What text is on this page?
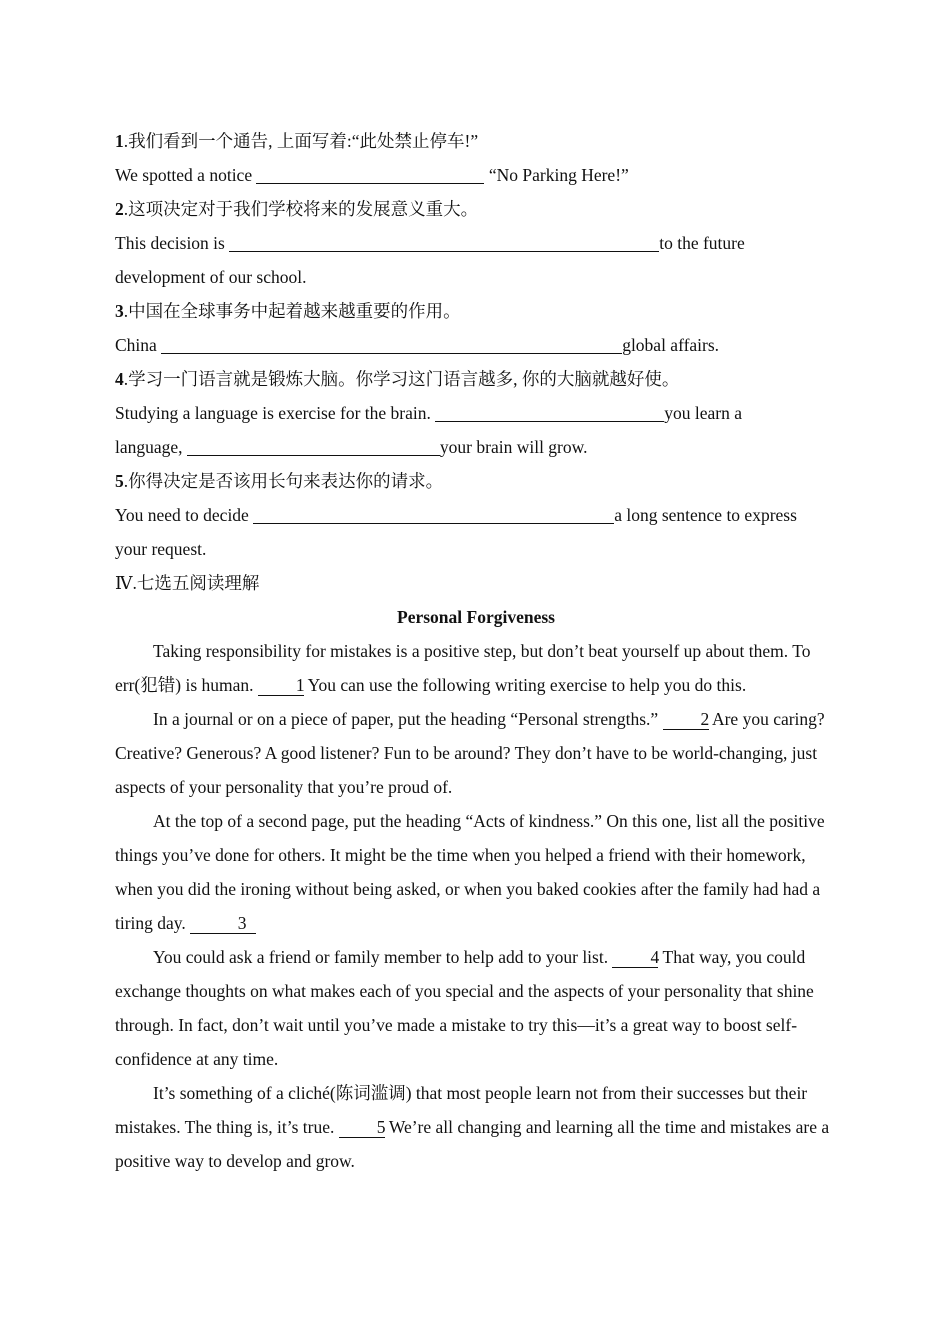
1.我们看到一个通告, 上面写着:“此处禁止停车!”
We spotted a notice	“No Parking Here!”
2.这项决定对于我们学校将来的发展意义重大。
This decision is	to the future
development of our school.
3.中国在全球事务中起着越来越重要的作用。
China	global affairs.
4.学习一门语言就是锻炼大脑。你学习这门语言越多, 你的大脑就越好使。
Studying a language is exercise for the brain.	you learn a
language,	your brain will grow.
5.你得决定是否该用长句来表达你的请求。
You need to decide	a long sentence to express
your request.
Ⅳ.七选五阅读理解
Personal Forgiveness

Taking responsibility for mistakes is a positive step, but don’t beat yourself up about them. To err(犯错) is human. 1 You can use the following writing exercise to help you do this.

In a journal or on a piece of paper, put the heading “Personal strengths.” 2 Are you caring? Creative? Generous? A good listener? Fun to be around? They don’t have to be world-changing, just aspects of your personality that you’re proud of.

At the top of a second page, put the heading “Acts of kindness.” On this one, list all the positive things you’ve done for others. It might be the time when you helped a friend with their homework, when you did the ironing without being asked, or when you baked cookies after the family had had a tiring day.	3

You could ask a friend or family member to help add to your list. 4 That way, you could exchange thoughts on what makes each of you special and the aspects of your personality that shine through. In fact, don’t wait until you’ve made a mistake to try this—it’s a great way to boost self-confidence at any time.

It’s something of a cliché(陈词滥调) that most people learn not from their successes but their mistakes. The thing is, it’s true. 5 We’re all changing and learning all the time and mistakes are a positive way to develop and grow.
